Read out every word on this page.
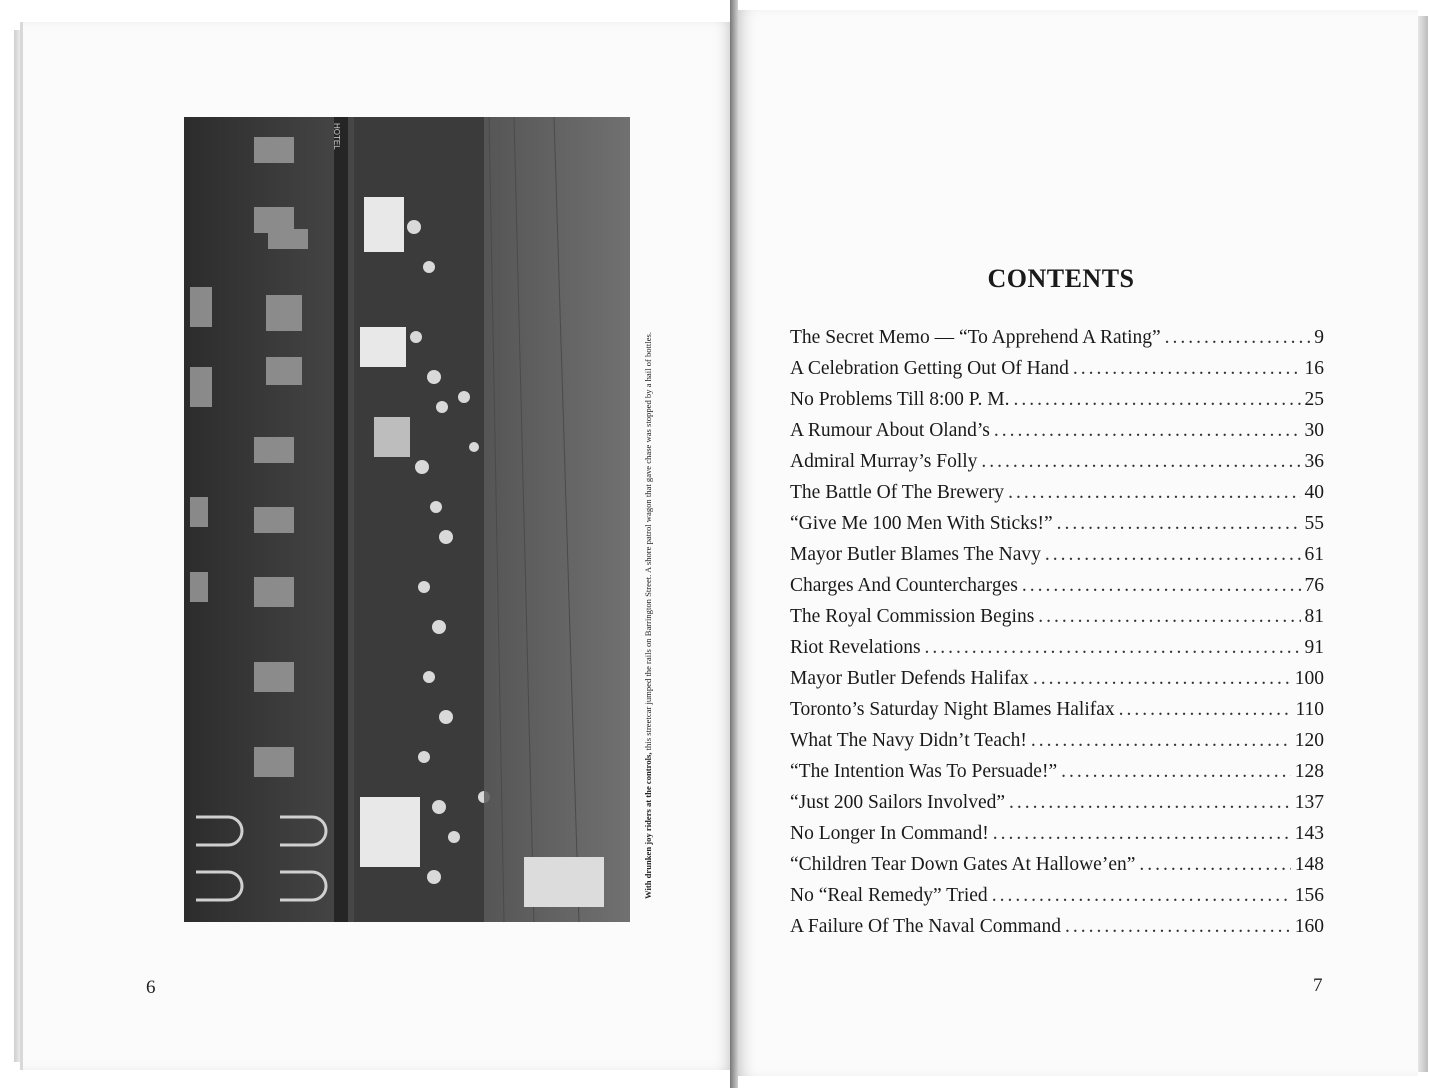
HOTEL
With drunken joy riders at the controls, this streetcar jumped the rails on Barrington Street. A shore patrol wagon that gave chase was stopped by a hail of bottles.
6
CONTENTS
The Secret Memo — “To Apprehend A Rating” .....	9
A Celebration Getting Out Of Hand .....	16
No Problems Till 8:00 P. M. .....	25
A Rumour About Oland’s .....	30
Admiral Murray’s Folly .....	36
The Battle Of The Brewery .....	40
“Give Me 100 Men With Sticks!” .....	55
Mayor Butler Blames The Navy .....	61
Charges And Countercharges .....	76
The Royal Commission Begins .....	81
Riot Revelations .....	91
Mayor Butler Defends Halifax .....	100
Toronto’s Saturday Night Blames Halifax .....	110
What The Navy Didn’t Teach! .....	120
“The Intention Was To Persuade!” .....	128
“Just 200 Sailors Involved” .....	137
No Longer In Command! .....	143
“Children Tear Down Gates At Hallowe’en” .....	148
No “Real Remedy” Tried .....	156
A Failure Of The Naval Command .....	160
7
